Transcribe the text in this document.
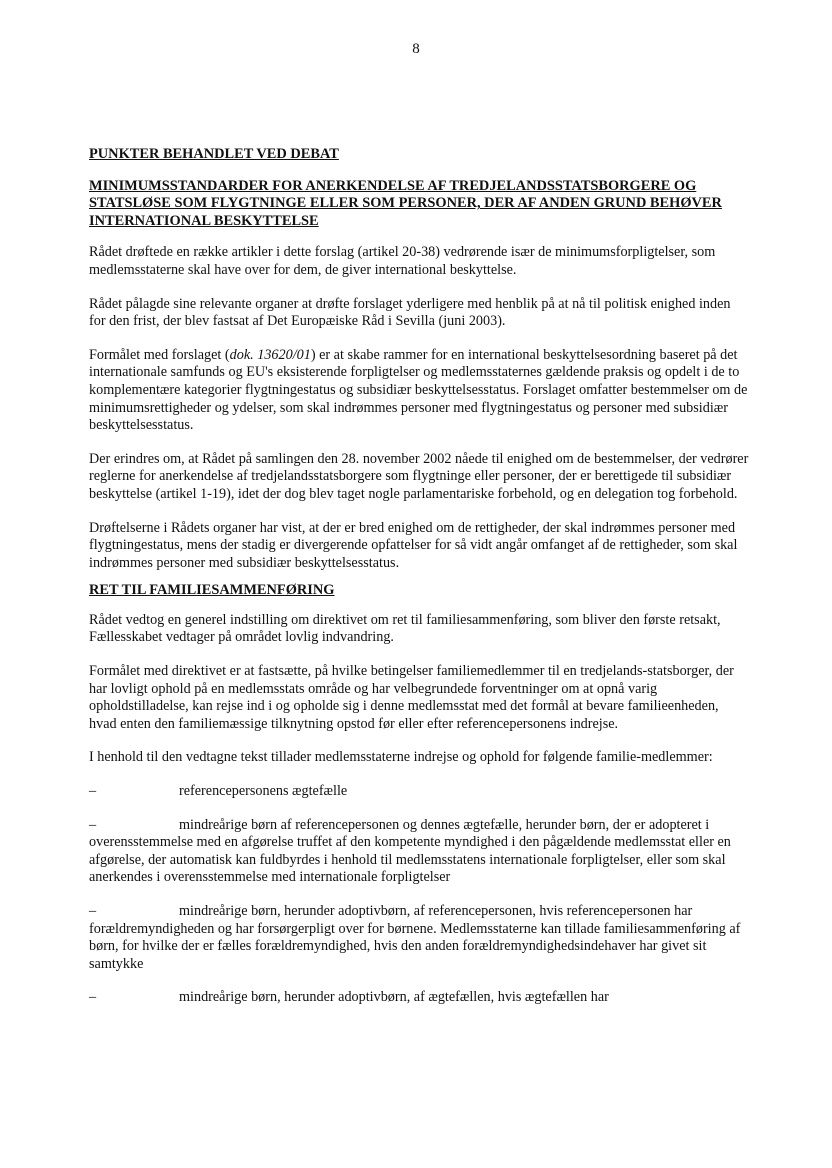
8
PUNKTER BEHANDLET VED DEBAT
MINIMUMSSTANDARDER FOR ANERKENDELSE AF TREDJELANDSSTATSBORGERE OG STATSLØSE SOM FLYGTNINGE ELLER SOM PERSONER, DER AF ANDEN GRUND BEHØVER INTERNATIONAL BESKYTTELSE

Rådet drøftede en række artikler i dette forslag (artikel 20-38) vedrørende især de minimumsforpligtelser, som medlemsstaterne skal have over for dem, de giver international beskyttelse.

Rådet pålagde sine relevante organer at drøfte forslaget yderligere med henblik på at nå til politisk enighed inden for den frist, der blev fastsat af Det Europæiske Råd i Sevilla (juni 2003).

Formålet med forslaget (dok. 13620/01) er at skabe rammer for en international beskyttelsesordning baseret på det internationale samfunds og EU's eksisterende forpligtelser og medlemsstaternes gældende praksis og opdelt i de to komplementære kategorier flygtningestatus og subsidiær beskyttelsesstatus. Forslaget omfatter bestemmelser om de minimumsrettigheder og ydelser, som skal indrømmes personer med flygtningestatus og personer med subsidiær beskyttelsesstatus.

Der erindres om, at Rådet på samlingen den 28. november 2002 nåede til enighed om de bestemmelser, der vedrører reglerne for anerkendelse af tredjelandsstatsborgere som flygtninge eller personer, der er berettigede til subsidiær beskyttelse (artikel 1-19), idet der dog blev taget nogle parlamentariske forbehold, og en delegation tog forbehold.

Drøftelserne i Rådets organer har vist, at der er bred enighed om de rettigheder, der skal indrømmes personer med flygtningestatus, mens der stadig er divergerende opfattelser for så vidt angår omfanget af de rettigheder, som skal indrømmes personer med subsidiær beskyttelsesstatus.

RET TIL FAMILIESAMMENFØRING

Rådet vedtog en generel indstilling om direktivet om ret til familiesammenføring, som bliver den første retsakt, Fællesskabet vedtager på området lovlig indvandring.

Formålet med direktivet er at fastsætte, på hvilke betingelser familiemedlemmer til en tredjelands-statsborger, der har lovligt ophold på en medlemsstats område og har velbegrundede forventninger om at opnå varig opholdstilladelse, kan rejse ind i og opholde sig i denne medlemsstat med det formål at bevare familieenheden, hvad enten den familiemæssige tilknytning opstod før eller efter referencepersonens indrejse.

I henhold til den vedtagne tekst tillader medlemsstaterne indrejse og ophold for følgende familie-medlemmer:

–	referencepersonens ægtefælle
–	mindreårige børn af referencepersonen og dennes ægtefælle, herunder børn, der er adopteret i overensstemmelse med en afgørelse truffet af den kompetente myndighed i den pågældende medlemsstat eller en afgørelse, der automatisk kan fuldbyrdes i henhold til medlemsstatens internationale forpligtelser, eller som skal anerkendes i overensstemmelse med internationale forpligtelser
–	mindreårige børn, herunder adoptivbørn, af referencepersonen, hvis referencepersonen har forældremyndigheden og har forsørgerpligt over for børnene. Medlemsstaterne kan tillade familiesammenføring af børn, for hvilke der er fælles forældremyndighed, hvis den anden forældremyndighedsindehaver har givet sit samtykke
–	mindreårige børn, herunder adoptivbørn, af ægtefællen, hvis ægtefællen har
